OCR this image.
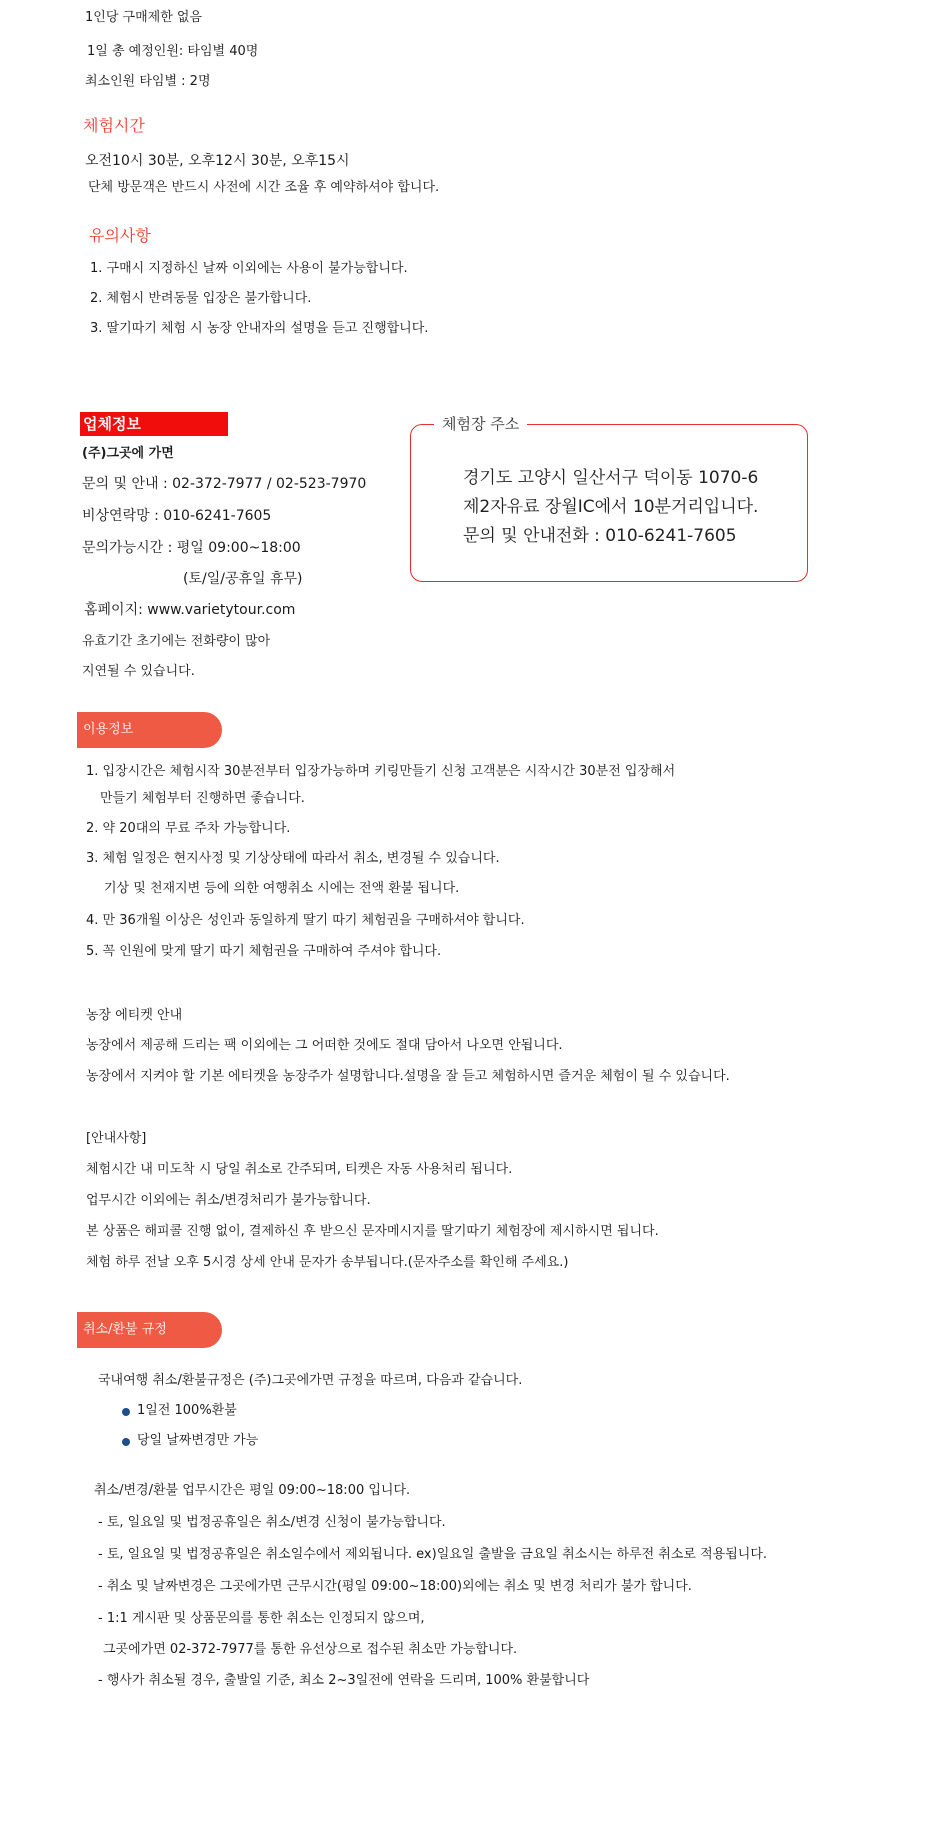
1인당 구매제한 없음
1일 총 예정인원: 타임별 40명
최소인원 타임별 : 2명
체험시간
오전10시 30분, 오후12시 30분, 오후15시
단체 방문객은 반드시 사전에 시간 조율 후 예약하셔야 합니다.
유의사항
1. 구매시 지정하신 날짜 이외에는 사용이 불가능합니다.
2. 체험시 반려동물 입장은 불가합니다.
3. 딸기따기 체험 시 농장 안내자의 설명을 듣고 진행합니다.
업체정보
(주)그곳에 가면
문의 및 안내 : 02-372-7977 / 02-523-7970
비상연락망 : 010-6241-7605
문의가능시간 : 평일 09:00~18:00
(토/일/공휴일 휴무)
홈페이지: www.varietytour.com
유효기간 초기에는 전화량이 많아
지연될 수 있습니다.
체험장 주소
경기도 고양시 일산서구 덕이동 1070-6
제2자유료 장월IC에서 10분거리입니다.
문의 및 안내전화 : 010-6241-7605
이용정보
1. 입장시간은 체험시작 30분전부터 입장가능하며 키링만들기 신청 고객분은 시작시간 30분전 입장해서
만들기 체험부터 진행하면 좋습니다.
2. 약 20대의 무료 주차 가능합니다.
3. 체험 일정은 현지사정 및 기상상태에 따라서 취소, 변경될 수 있습니다.
기상 및 천재지변 등에 의한 여행취소 시에는 전액 환불 됩니다.
4. 만 36개월 이상은 성인과 동일하게 딸기 따기 체험권을 구매하셔야 합니다.
5. 꼭 인원에 맞게 딸기 따기 체험권을 구매하여 주셔야 합니다.
농장 에티켓 안내
농장에서 제공해 드리는 팩 이외에는 그 어떠한 것에도 절대 담아서 나오면 안됩니다.
농장에서 지켜야 할 기본 에티켓을 농장주가 설명합니다.설명을 잘 듣고 체험하시면 즐거운 체험이 될 수 있습니다.
[안내사항]
체험시간 내 미도착 시 당일 취소로 간주되며, 티켓은 자동 사용처리 됩니다.
업무시간 이외에는 취소/변경처리가 불가능합니다.
본 상품은 해피콜 진행 없이, 결제하신 후 받으신 문자메시지를 딸기따기 체험장에 제시하시면 됩니다.
체험 하루 전날 오후 5시경 상세 안내 문자가 송부됩니다.(문자주소를 확인해 주세요.)
취소/환불 규정
국내여행 취소/환불규정은 (주)그곳에가면 규정을 따르며, 다음과 같습니다.
1일전 100%환불
당일 날짜변경만 가능
취소/변경/환불 업무시간은 평일 09:00~18:00 입니다.
- 토, 일요일 및 법정공휴일은 취소/변경 신청이 불가능합니다.
- 토, 일요일 및 법정공휴일은 취소일수에서 제외됩니다. ex)일요일 출발을 금요일 취소시는 하루전 취소로 적용됩니다.
- 취소 및 날짜변경은 그곳에가면 근무시간(평일 09:00~18:00)외에는 취소 및 변경 처리가 불가 합니다.
- 1:1 게시판 및 상품문의를 통한 취소는 인정되지 않으며,
그곳에가면 02-372-7977를 통한 유선상으로 접수된 취소만 가능합니다.
- 행사가 취소될 경우, 출발일 기준, 최소 2~3일전에 연락을 드리며, 100% 환불합니다
